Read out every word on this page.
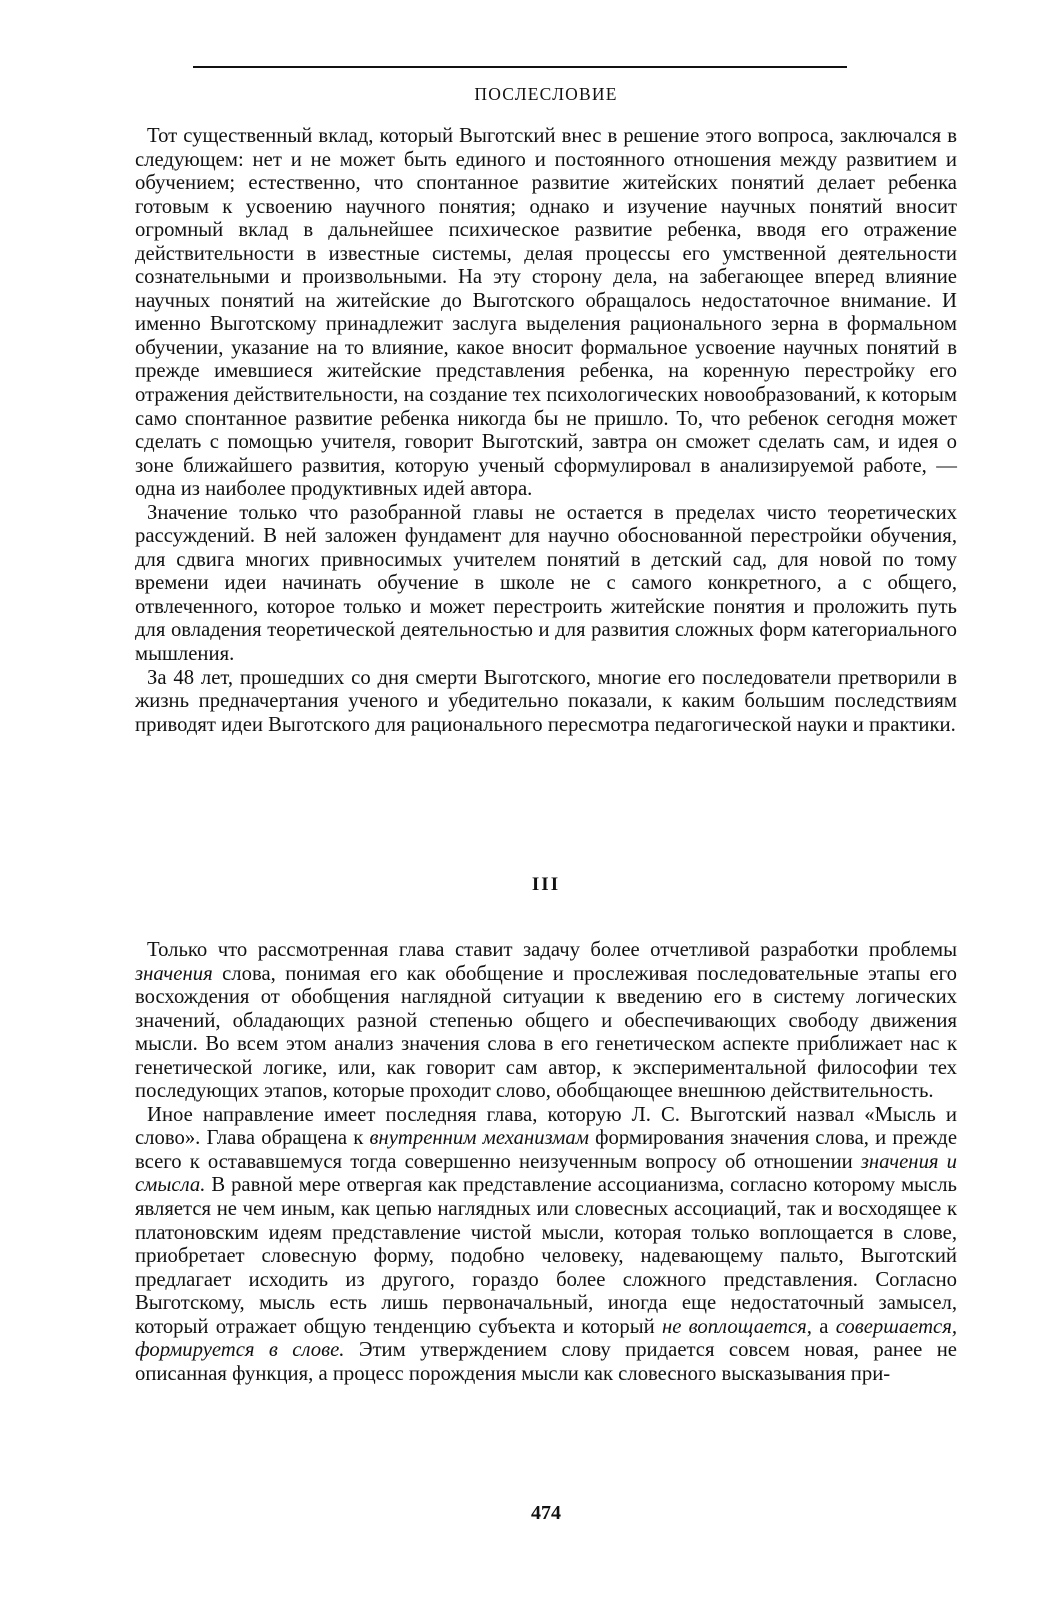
ПОСЛЕСЛОВИЕ

Тот существенный вклад, который Выготский внес в решение этого вопроса, заключался в следующем: нет и не может быть единого и постоянного отношения между развитием и обучением; естественно, что спонтанное развитие житейских понятий делает ребенка готовым к усвоению научного понятия; однако и изучение научных понятий вносит огромный вклад в дальнейшее психическое развитие ребенка, вводя его отражение действительности в известные системы, делая процессы его умственной деятельности сознательными и произвольными. На эту сторону дела, на забегающее вперед влияние научных понятий на житейские до Выготского обращалось недостаточное внимание. И именно Выготскому принадлежит заслуга выделения рационального зерна в формальном обучении, указание на то влияние, какое вносит формальное усвоение научных понятий в прежде имевшиеся житейские представления ребенка, на коренную перестройку его отражения действительности, на создание тех психологических новообразований, к которым само спонтанное развитие ребенка никогда бы не пришло. То, что ребенок сегодня может сделать с помощью учителя, говорит Выготский, завтра он сможет сделать сам, и идея о зоне ближайшего развития, которую ученый сформулировал в анализируемой работе, — одна из наиболее продуктивных идей автора.

Значение только что разобранной главы не остается в пределах чисто теоретических рассуждений. В ней заложен фундамент для научно обоснованной перестройки обучения, для сдвига многих привносимых учителем понятий в детский сад, для новой по тому времени идеи начинать обучение в школе не с самого конкретного, а с общего, отвлеченного, которое только и может перестроить житейские понятия и проложить путь для овладения теоретической деятельностью и для развития сложных форм категориального мышления.

За 48 лет, прошедших со дня смерти Выготского, многие его последователи претворили в жизнь предначертания ученого и убедительно показали, к каким большим последствиям приводят идеи Выготского для рационального пересмотра педагогической науки и практики.

III

Только что рассмотренная глава ставит задачу более отчетливой разработки проблемы значения слова, понимая его как обобщение и прослеживая последовательные этапы его восхождения от обобщения наглядной ситуации к введению его в систему логических значений, обладающих разной степенью общего и обеспечивающих свободу движения мысли. Во всем этом анализ значения слова в его генетическом аспекте приближает нас к генетической логике, или, как говорит сам автор, к экспериментальной философии тех последующих этапов, которые проходит слово, обобщающее внешнюю действительность.

Иное направление имеет последняя глава, которую Л. С. Выготский назвал «Мысль и слово». Глава обращена к внутренним механизмам формирования значения слова, и прежде всего к остававшемуся тогда совершенно неизученным вопросу об отношении значения и смысла. В равной мере отвергая как представление ассоцианизма, согласно которому мысль является не чем иным, как цепью наглядных или словесных ассоциаций, так и восходящее к платоновским идеям представление чистой мысли, которая только воплощается в слове, приобретает словесную форму, подобно человеку, надевающему пальто, Выготский предлагает исходить из другого, гораздо более сложного представления. Согласно Выготскому, мысль есть лишь первоначальный, иногда еще недостаточный замысел, который отражает общую тенденцию субъекта и который не воплощается, а совершается, формируется в слове. Этим утверждением слову придается совсем новая, ранее не описанная функция, а процесс порождения мысли как словесного высказывания при-

474
